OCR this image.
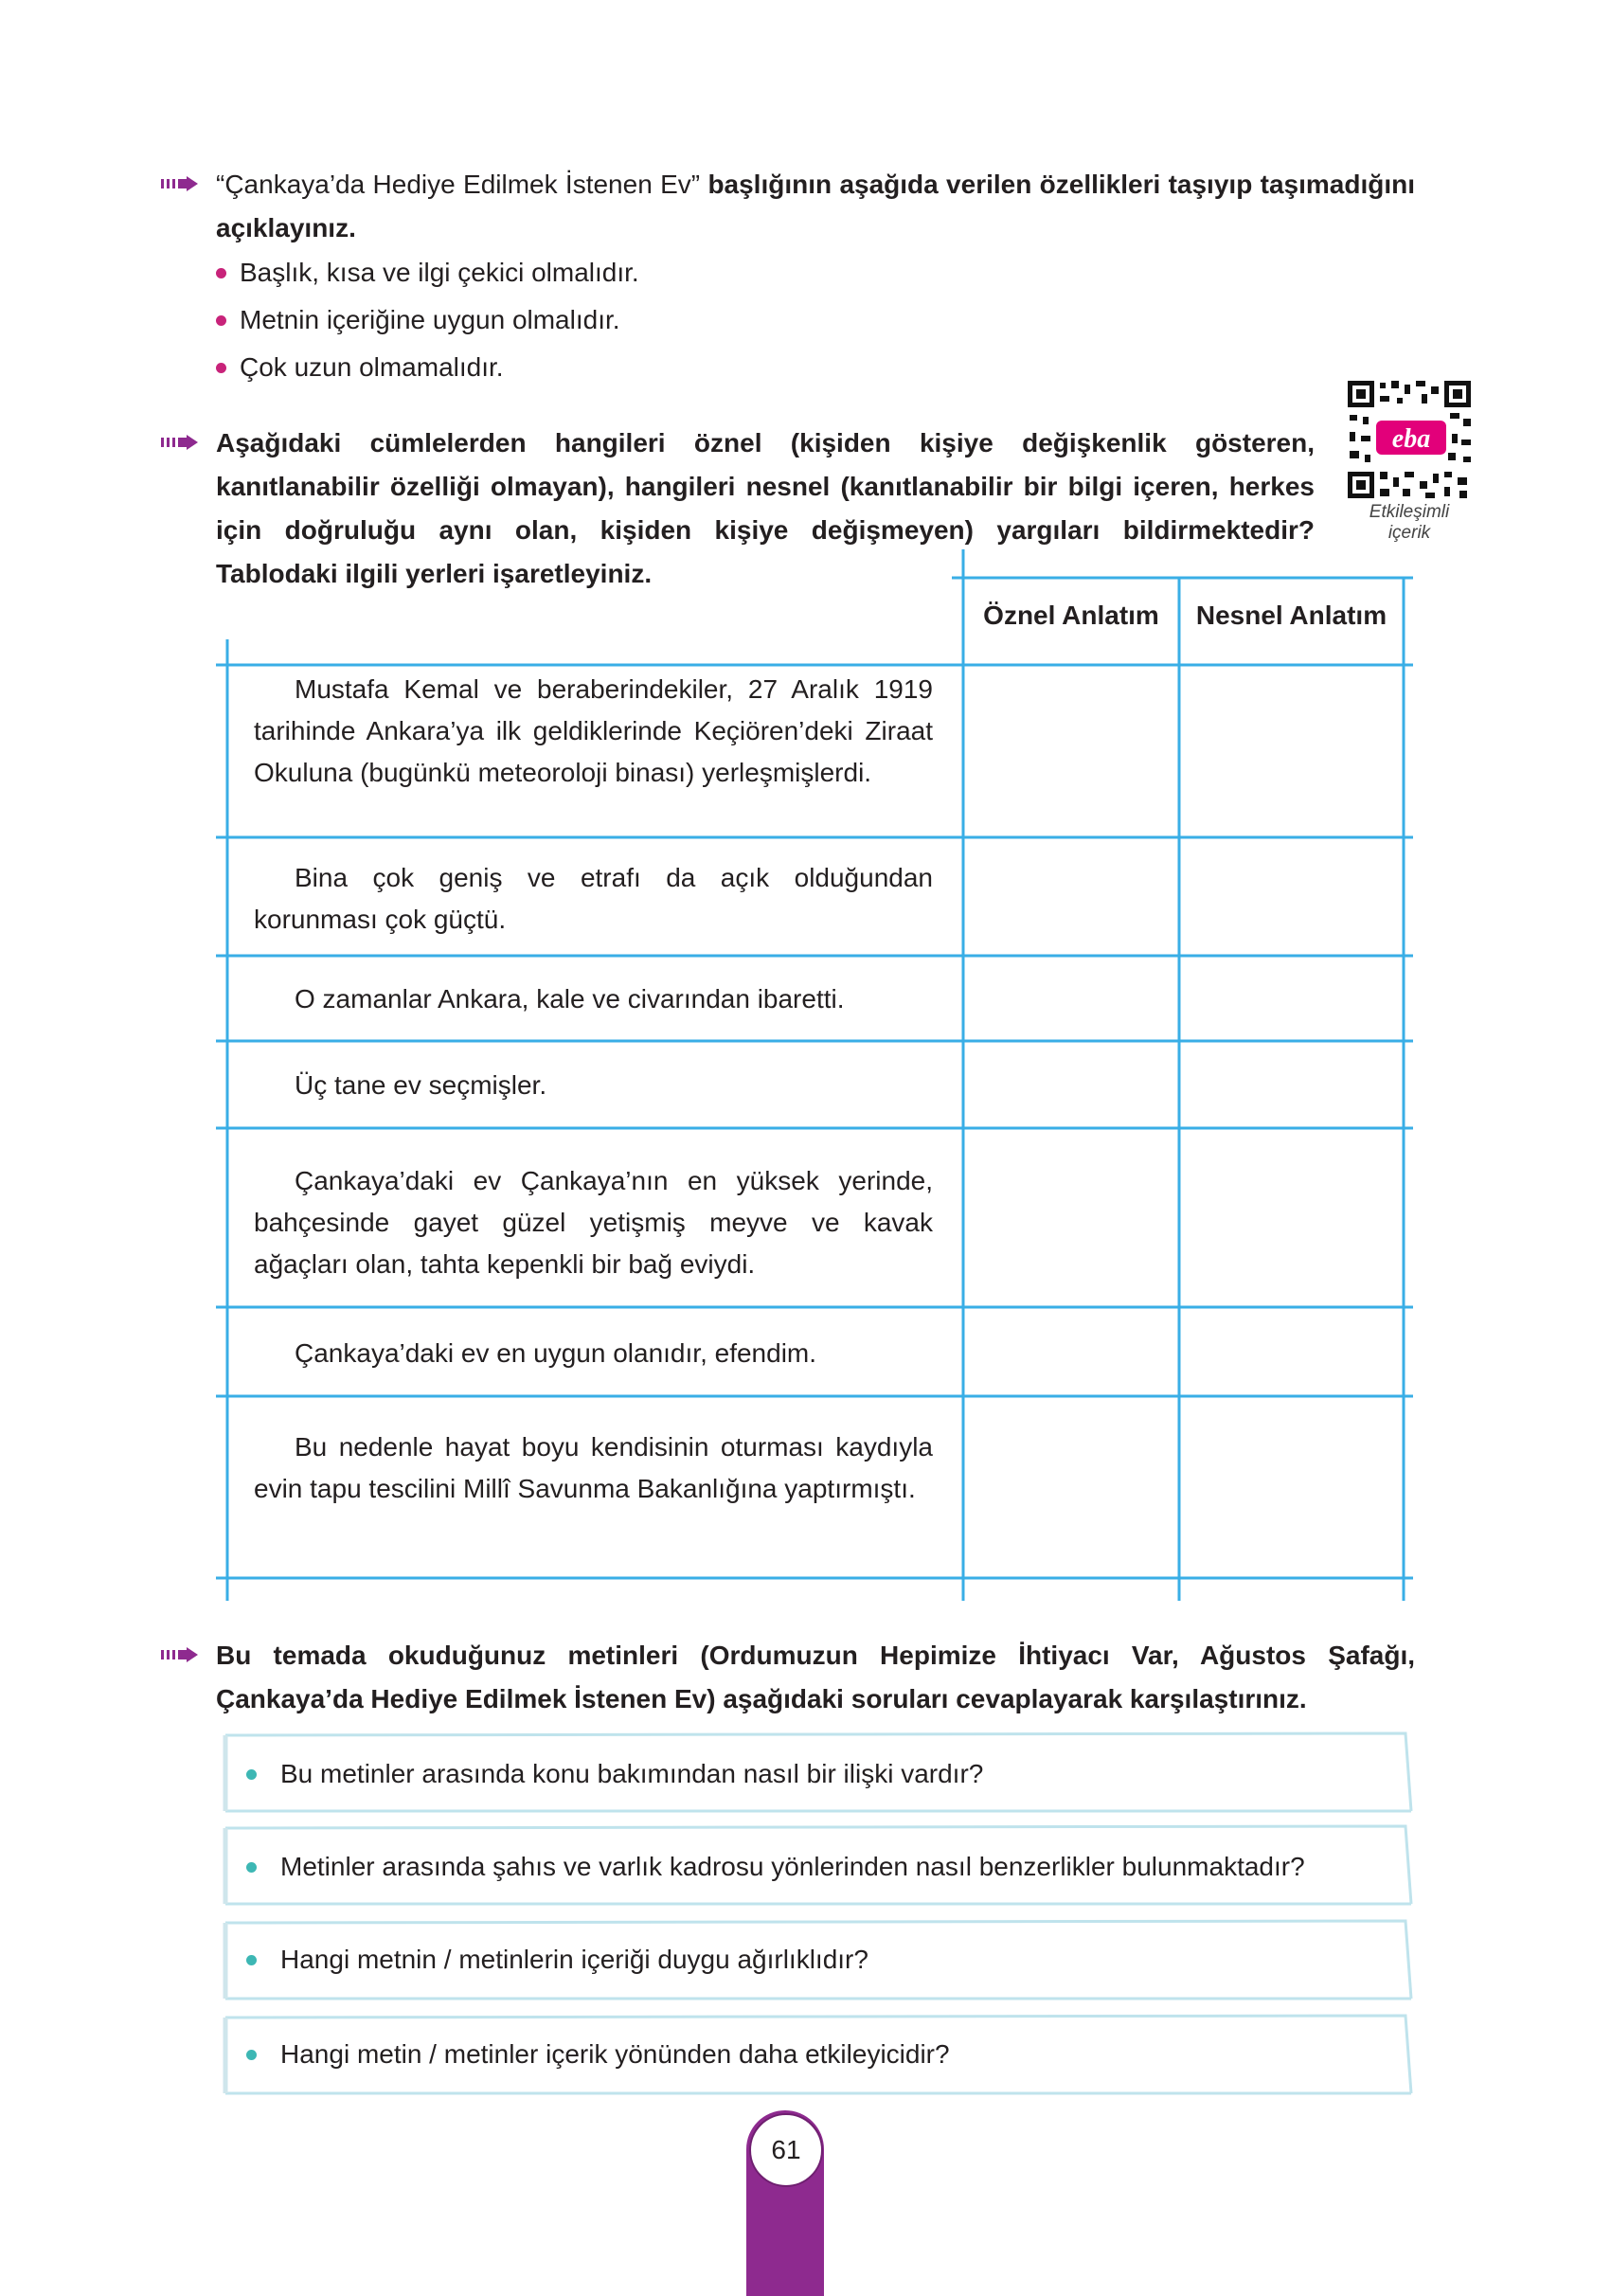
“Çankaya’da Hediye Edilmek İstenen Ev” başlığının aşağıda verilen özellikleri taşıyıp taşımadığını açıklayınız.
Başlık, kısa ve ilgi çekici olmalıdır.
Metnin içeriğine uygun olmalıdır.
Çok uzun olmamalıdır.
eba
Etkileşimli
içerik
Aşağıdaki cümlelerden hangileri öznel (kişiden kişiye değişkenlik gösteren, kanıtlanabilir özelliği olmayan), hangileri nesnel (kanıtlanabilir bir bilgi içeren, herkes için doğruluğu aynı olan, kişiden kişiye değişmeyen) yargıları bildirmektedir? Tablodaki ilgili yerleri işaretleyiniz.
Öznel Anlatım	Nesnel Anlatım
Mustafa Kemal ve beraberindekiler, 27 Aralık 1919 tarihinde Ankara’ya ilk geldiklerinde Keçiören’deki Ziraat Okuluna (bugünkü meteoroloji binası) yerleşmişlerdi.
Bina çok geniş ve etrafı da açık olduğundan korunması çok güçtü.
O zamanlar Ankara, kale ve civarından ibaretti.
Üç tane ev seçmişler.
Çankaya’daki ev Çankaya’nın en yüksek yerinde, bahçesinde gayet güzel yetişmiş meyve ve kavak ağaçları olan, tahta kepenkli bir bağ eviydi.
Çankaya’daki ev en uygun olanıdır, efendim.
Bu nedenle hayat boyu kendisinin oturması kaydıyla evin tapu tescilini Millî Savunma Bakanlığına yaptırmıştı.
Bu temada okuduğunuz metinleri (Ordumuzun Hepimize İhtiyacı Var, Ağustos Şafağı, Çankaya’da Hediye Edilmek İstenen Ev) aşağıdaki soruları cevaplayarak karşılaştırınız.
Bu metinler arasında konu bakımından nasıl bir ilişki vardır?
Metinler arasında şahıs ve varlık kadrosu yönlerinden nasıl benzerlikler bulunmaktadır?
Hangi metnin / metinlerin içeriği duygu ağırlıklıdır?
Hangi metin / metinler içerik yönünden daha etkileyicidir?
61
